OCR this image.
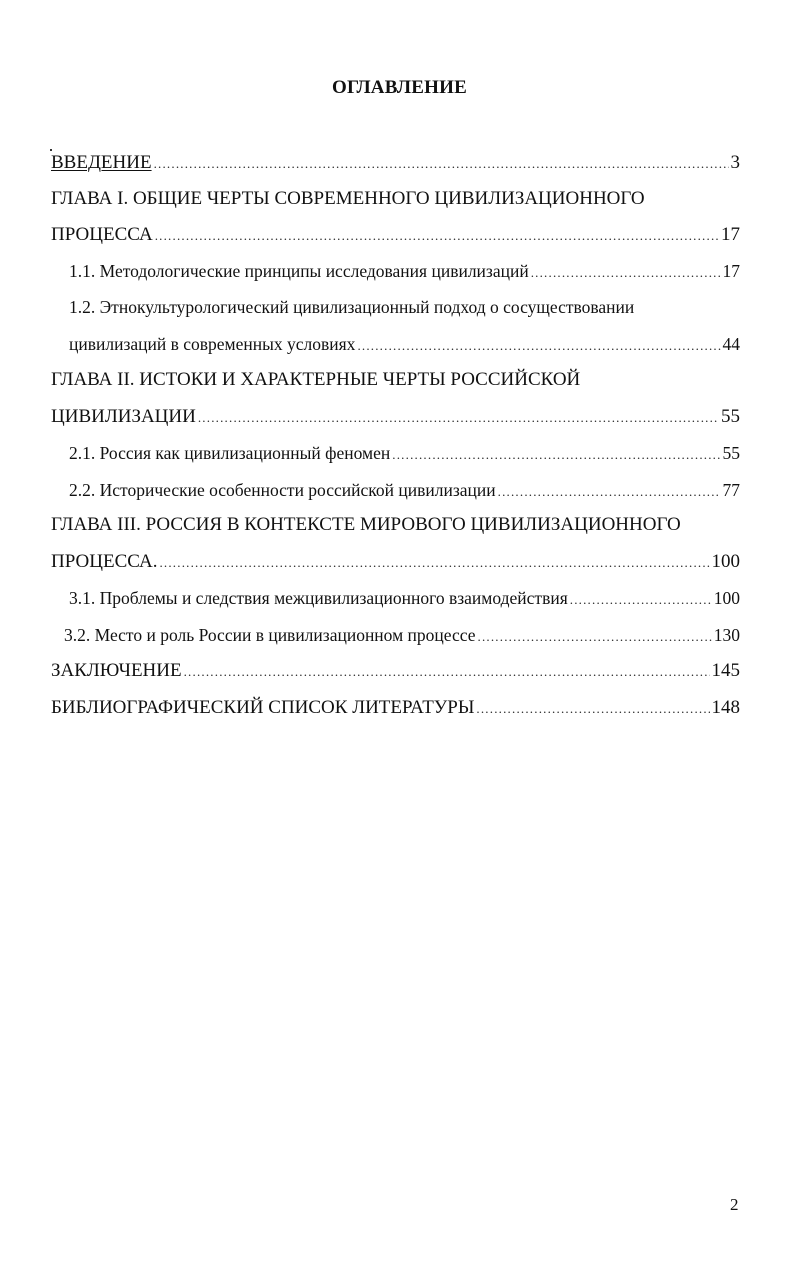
ОГЛАВЛЕНИЕ
ВВЕДЕНИЕ .....	3
ГЛАВА I. ОБЩИЕ ЧЕРТЫ СОВРЕМЕННОГО ЦИВИЛИЗАЦИОННОГО
ПРОЦЕССА .....	17
1.1. Методологические принципы исследования цивилизаций .....	17
1.2. Этнокультурологический цивилизационный подход о сосуществовании
цивилизаций в современных условиях .....	44
ГЛАВА II. ИСТОКИ И ХАРАКТЕРНЫЕ ЧЕРТЫ РОССИЙСКОЙ
ЦИВИЛИЗАЦИИ .....	55
2.1. Россия как цивилизационный феномен .....	55
2.2. Исторические особенности российской цивилизации .....	77
ГЛАВА III. РОССИЯ В КОНТЕКСТЕ МИРОВОГО ЦИВИЛИЗАЦИОННОГО
ПРОЦЕССА. .....	100
3.1. Проблемы и следствия межцивилизационного взаимодействия .....	100
3.2. Место и роль России в цивилизационном процессе .....	130
ЗАКЛЮЧЕНИЕ .....	145
БИБЛИОГРАФИЧЕСКИЙ СПИСОК ЛИТЕРАТУРЫ .....	148
2
